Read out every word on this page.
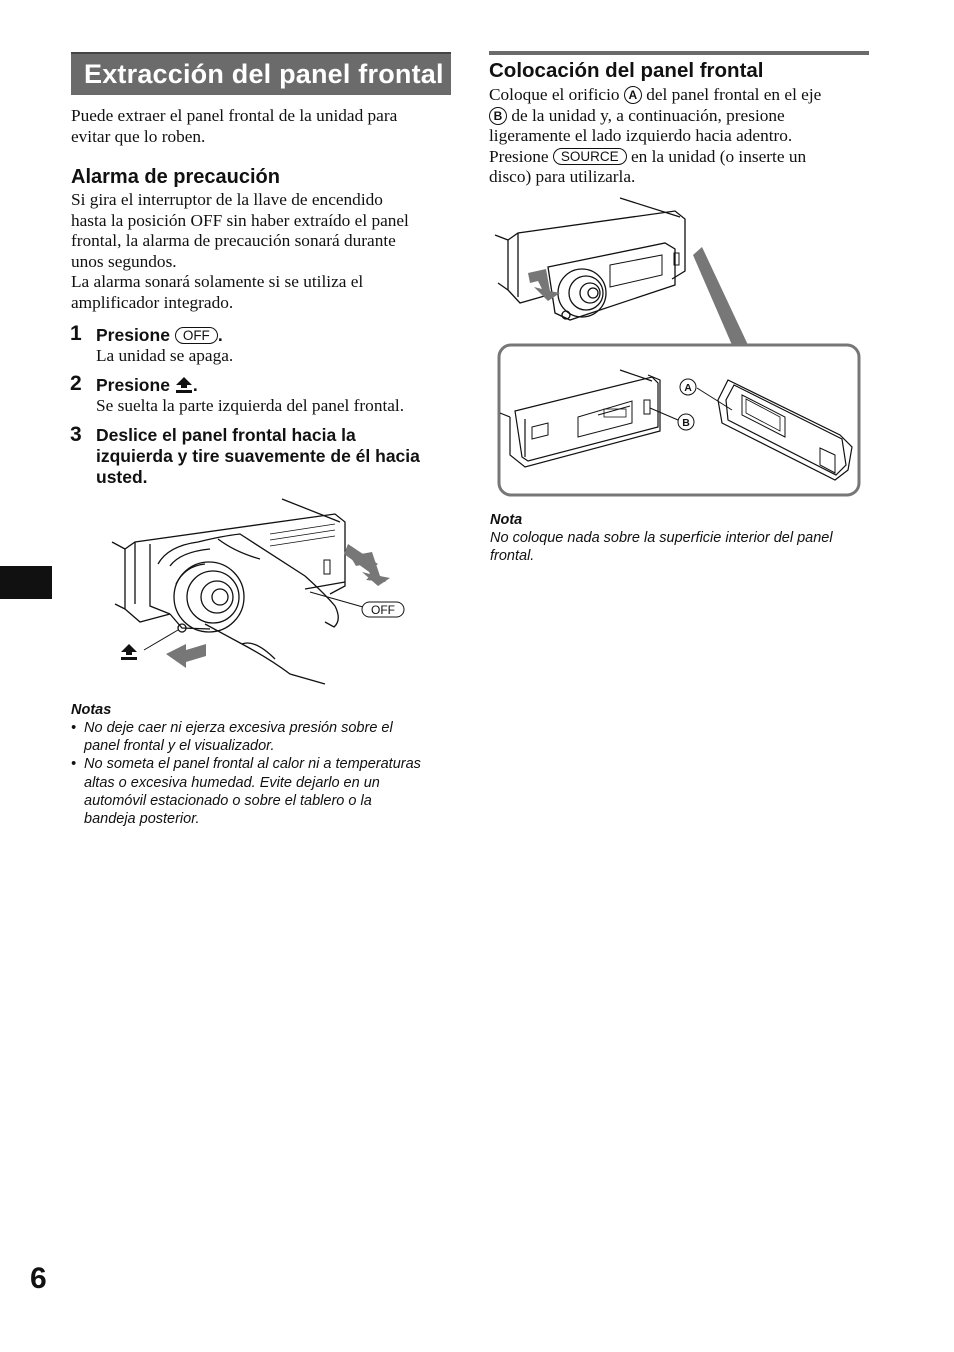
Extracción del panel frontal
Puede extraer el panel frontal de la unidad para
evitar que lo roben.
Alarma de precaución
Si gira el interruptor de la llave de encendido
hasta la posición OFF sin haber extraído el panel
frontal, la alarma de precaución sonará durante
unos segundos.
La alarma sonará solamente si se utiliza el
amplificador integrado.
1 Presione OFF .
La unidad se apaga.
2 Presione .
Se suelta la parte izquierda del panel frontal.
3 Deslice el panel frontal hacia la
izquierda y tire suavemente de él hacia
usted.
OFF
Notas
• No deje caer ni ejerza excesiva presión sobre el
panel frontal y el visualizador.
• No someta el panel frontal al calor ni a temperaturas
altas o excesiva humedad. Evite dejarlo en un
automóvil estacionado o sobre el tablero o la
bandeja posterior.
Colocación del panel frontal
Coloque el orificio A del panel frontal en el eje
B de la unidad y, a continuación, presione
ligeramente el lado izquierdo hacia adentro.
Presione SOURCE en la unidad (o inserte un
disco) para utilizarla.
A
B
Nota
No coloque nada sobre la superficie interior del panel
frontal.
6
